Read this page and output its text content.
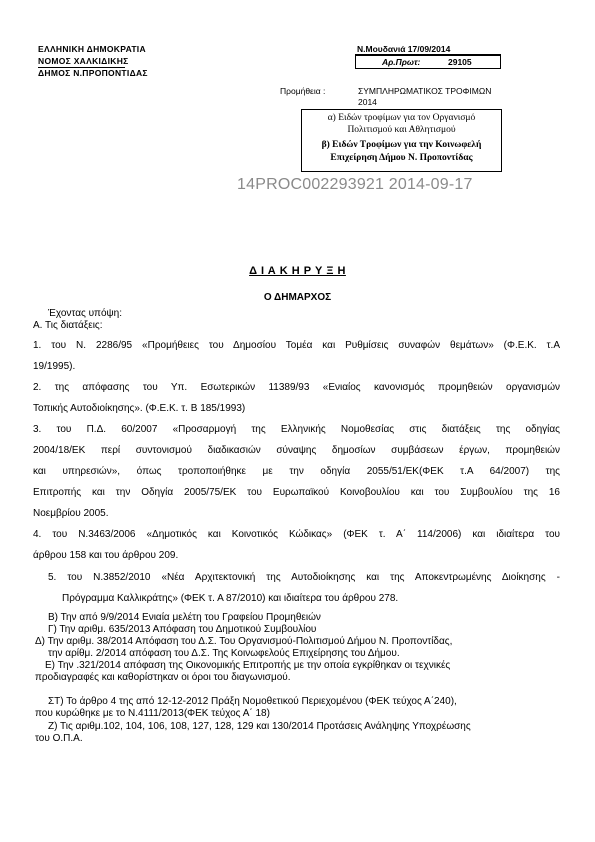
ΕΛΛΗΝΙΚΗ ΔΗΜΟΚΡΑΤΙΑ
ΝΟΜΟΣ ΧΑΛΚΙΔΙΚΗΣ
ΔΗΜΟΣ Ν.ΠΡΟΠΟΝΤΙΔΑΣ
Ν.Μουδανιά 17/09/2014
Αρ.Πρωτ:	29105
Προμήθεια :	ΣΥΜΠΛΗΡΩΜΑΤΙΚΟΣ ΤΡΟΦΙΜΩΝ
2014
α) Ειδών τροφίμων για τον Οργανισμό
Πολιτισμού και Αθλητισμού
β) Ειδών Τροφίμων για την Κοινωφελή
Επιχείρηση Δήμου Ν. Προποντίδας
14PROC002293921 2014-09-17
Δ Ι Α Κ Η Ρ Υ Ξ Η
Ο ΔΗΜΑΡΧΟΣ
Έχοντας υπόψη:
Α. Τις διατάξεις:
1. του Ν. 2286/95 «Προμήθειες του Δημοσίου Τομέα και Ρυθμίσεις συναφών θεμάτων» (Φ.Ε.Κ. τ.Α
19/1995).
2. της απόφασης του Υπ. Εσωτερικών 11389/93 «Ενιαίος κανονισμός προμηθειών οργανισμών
Τοπικής Αυτοδιοίκησης». (Φ.Ε.Κ. τ. Β 185/1993)
3. του Π.Δ. 60/2007 «Προσαρμογή της Ελληνικής Νομοθεσίας στις διατάξεις της οδηγίας
2004/18/ΕΚ περί συντονισμού διαδικασιών σύναψης δημοσίων συμβάσεων έργων, προμηθειών
και υπηρεσιών», όπως τροποποιήθηκε με την οδηγία 2055/51/ΕΚ(ΦΕΚ τ.Α 64/2007) της
Επιτροπής και την Οδηγία 2005/75/ΕΚ του Ευρωπαϊκού Κοινοβουλίου και του Συμβουλίου της 16
Νοεμβρίου 2005.
4. του Ν.3463/2006 «Δημοτικός και Κοινοτικός Κώδικας» (ΦΕΚ τ. Α΄ 114/2006) και ιδιαίτερα του
άρθρου 158 και του άρθρου 209.
5. του Ν.3852/2010 «Νέα Αρχιτεκτονική της Αυτοδιοίκησης και της Αποκεντρωμένης Διοίκησης -
Πρόγραμμα Καλλικράτης» (ΦΕΚ τ. Α 87/2010) και ιδιαίτερα του άρθρου 278.
Β) Την από 9/9/2014 Ενιαία μελέτη του Γραφείου Προμηθειών
Γ) Την αριθμ. 635/2013 Απόφαση του Δημοτικού Συμβουλίου
Δ) Την αριθμ. 38/2014 Απόφαση του Δ.Σ. Του Οργανισμού-Πολιτισμού Δήμου Ν. Προποντίδας,
την αρίθμ. 2/2014 απόφαση του Δ.Σ. Της Κοινωφελούς Επιχείρησης του Δήμου.
Ε) Την .321/2014 απόφαση της Οικονομικής Επιτροπής με την οποία εγκρίθηκαν οι τεχνικές
προδιαγραφές και καθορίστηκαν οι όροι του διαγωνισμού.
ΣΤ) Το άρθρο 4 της από 12-12-2012 Πράξη Νομοθετικού Περιεχομένου (ΦΕΚ τεύχος Α΄240),
που κυρώθηκε με το Ν.4111/2013(ΦΕΚ τεύχος Α΄ 18)
Ζ) Τις αριθμ.102, 104, 106, 108, 127, 128, 129 και 130/2014 Προτάσεις Ανάληψης Υποχρέωσης
του Ο.Π.Α.
